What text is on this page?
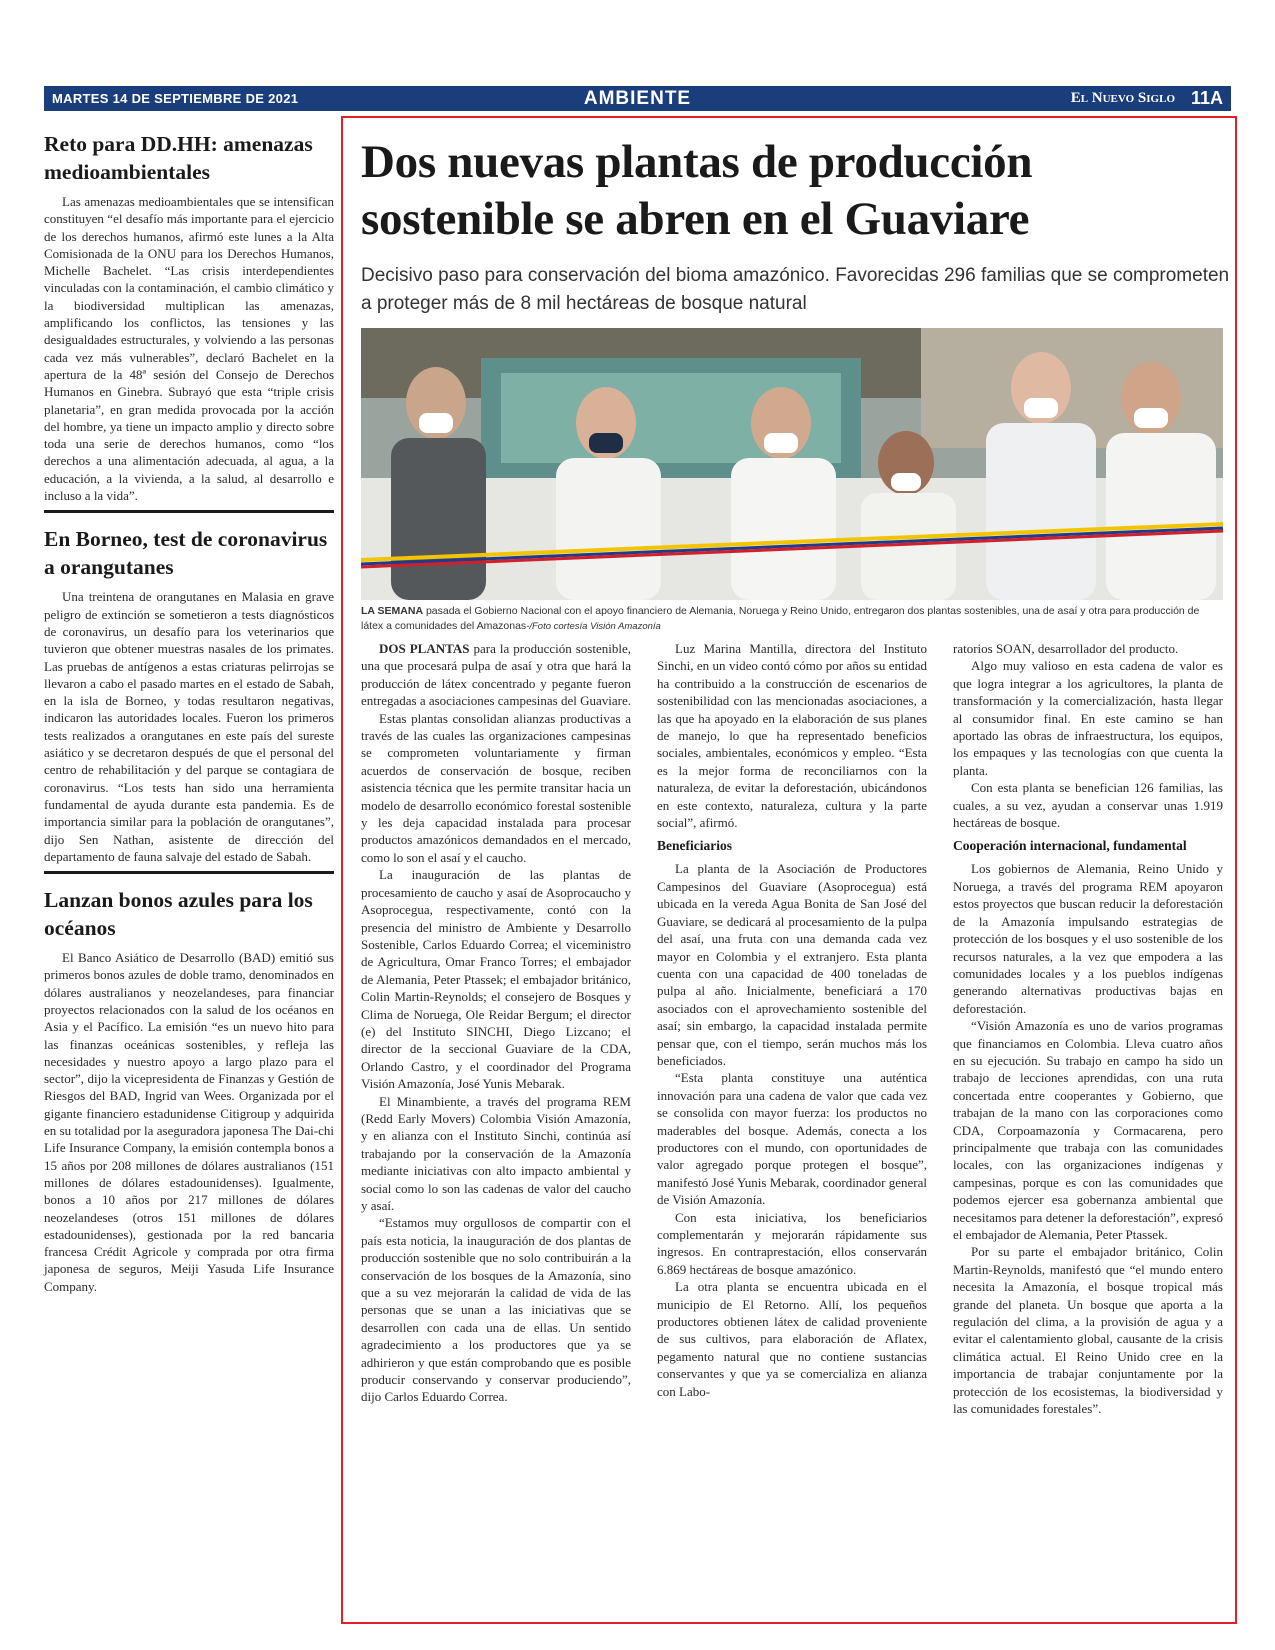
MARTES 14 DE SEPTIEMBRE DE 2021	AMBIENTE	El Nuevo Siglo 11A
Reto para DD.HH: amenazas medioambientales

Las amenazas medioambientales que se intensifican constituyen “el desafío más importante para el ejercicio de los derechos humanos, afirmó este lunes a la Alta Comisionada de la ONU para los Derechos Humanos, Michelle Bachelet. “Las crisis interdependientes vinculadas con la contaminación, el cambio climático y la biodiversidad multiplican las amenazas, amplificando los conflictos, las tensiones y las desigualdades estructurales, y volviendo a las personas cada vez más vulnerables”, declaró Bachelet en la apertura de la 48ª sesión del Consejo de Derechos Humanos en Ginebra. Subrayó que esta “triple crisis planetaria”, en gran medida provocada por la acción del hombre, ya tiene un impacto amplio y directo sobre toda una serie de derechos humanos, como “los derechos a una alimentación adecuada, al agua, a la educación, a la vivienda, a la salud, al desarrollo e incluso a la vida”.

En Borneo, test de coronavirus a orangutanes

Una treintena de orangutanes en Malasia en grave peligro de extinción se sometieron a tests diagnósticos de coronavirus, un desafío para los veterinarios que tuvieron que obtener muestras nasales de los primates. Las pruebas de antígenos a estas criaturas pelirrojas se llevaron a cabo el pasado martes en el estado de Sabah, en la isla de Borneo, y todas resultaron negativas, indicaron las autoridades locales. Fueron los primeros tests realizados a orangutanes en este país del sureste asiático y se decretaron después de que el personal del centro de rehabilitación y del parque se contagiara de coronavirus. “Los tests han sido una herramienta fundamental de ayuda durante esta pandemia. Es de importancia similar para la población de orangutanes”, dijo Sen Nathan, asistente de dirección del departamento de fauna salvaje del estado de Sabah.

Lanzan bonos azules para los océanos

El Banco Asiático de Desarrollo (BAD) emitió sus primeros bonos azules de doble tramo, denominados en dólares australianos y neozelandeses, para financiar proyectos relacionados con la salud de los océanos en Asia y el Pacífico. La emisión “es un nuevo hito para las finanzas oceánicas sostenibles, y refleja las necesidades y nuestro apoyo a largo plazo para el sector”, dijo la vicepresidenta de Finanzas y Gestión de Riesgos del BAD, Ingrid van Wees. Organizada por el gigante financiero estadunidense Citigroup y adquirida en su totalidad por la aseguradora japonesa The Dai-chi Life Insurance Company, la emisión contempla bonos a 15 años por 208 millones de dólares australianos (151 millones de dólares estadounidenses). Igualmente, bonos a 10 años por 217 millones de dólares neozelandeses (otros 151 millones de dólares estadounidenses), gestionada por la red bancaria francesa Crédit Agricole y comprada por otra firma japonesa de seguros, Meiji Yasuda Life Insurance Company.

Dos nuevas plantas de producción sostenible se abren en el Guaviare

Decisivo paso para conservación del bioma amazónico. Favorecidas 296 familias que se comprometen a proteger más de 8 mil hectáreas de bosque natural

LA SEMANA pasada el Gobierno Nacional con el apoyo financiero de Alemania, Noruega y Reino Unido, entregaron dos plantas sostenibles, una de asaí y otra para producción de látex a comunidades del Amazonas-/Foto cortesía Visión Amazonía

DOS PLANTAS para la producción sostenible, una que procesará pulpa de asaí y otra que hará la producción de látex concentrado y pegante fueron entregadas a asociaciones campesinas del Guaviare.

Estas plantas consolidan alianzas productivas a través de las cuales las organizaciones campesinas se comprometen voluntariamente y firman acuerdos de conservación de bosque, reciben asistencia técnica que les permite transitar hacia un modelo de desarrollo económico forestal sostenible y les deja capacidad instalada para procesar productos amazónicos demandados en el mercado, como lo son el asaí y el caucho.

La inauguración de las plantas de procesamiento de caucho y asaí de Asoprocaucho y Asoprocegua, respectivamente, contó con la presencia del ministro de Ambiente y Desarrollo Sostenible, Carlos Eduardo Correa; el viceministro de Agricultura, Omar Franco Torres; el embajador de Alemania, Peter Ptassek; el embajador británico, Colin Martin-Reynolds; el consejero de Bosques y Clima de Noruega, Ole Reidar Bergum; el director (e) del Instituto SINCHI, Diego Lizcano; el director de la seccional Guaviare de la CDA, Orlando Castro, y el coordinador del Programa Visión Amazonía, José Yunis Mebarak.

El Minambiente, a través del programa REM (Redd Early Movers) Colombia Visión Amazonía, y en alianza con el Instituto Sinchi, continúa así trabajando por la conservación de la Amazonía mediante iniciativas con alto impacto ambiental y social como lo son las cadenas de valor del caucho y asaí.

“Estamos muy orgullosos de compartir con el país esta noticia, la inauguración de dos plantas de producción sostenible que no solo contribuirán a la conservación de los bosques de la Amazonía, sino que a su vez mejorarán la calidad de vida de las personas que se unan a las iniciativas que se desarrollen con cada una de ellas. Un sentido agradecimiento a los productores que ya se adhirieron y que están comprobando que es posible producir conservando y conservar produciendo”, dijo Carlos Eduardo Correa.

Luz Marina Mantilla, directora del Instituto Sinchi, en un video contó cómo por años su entidad ha contribuido a la construcción de escenarios de sostenibilidad con las mencionadas asociaciones, a las que ha apoyado en la elaboración de sus planes de manejo, lo que ha representado beneficios sociales, ambientales, económicos y empleo. “Esta es la mejor forma de reconciliarnos con la naturaleza, de evitar la deforestación, ubicándonos en este contexto, naturaleza, cultura y la parte social”, afirmó.

Beneficiarios

La planta de la Asociación de Productores Campesinos del Guaviare (Asoprocegua) está ubicada en la vereda Agua Bonita de San José del Guaviare, se dedicará al procesamiento de la pulpa del asaí, una fruta con una demanda cada vez mayor en Colombia y el extranjero. Esta planta cuenta con una capacidad de 400 toneladas de pulpa al año. Inicialmente, beneficiará a 170 asociados con el aprovechamiento sostenible del asaí; sin embargo, la capacidad instalada permite pensar que, con el tiempo, serán muchos más los beneficiados.

“Esta planta constituye una auténtica innovación para una cadena de valor que cada vez se consolida con mayor fuerza: los productos no maderables del bosque. Además, conecta a los productores con el mundo, con oportunidades de valor agregado porque protegen el bosque”, manifestó José Yunis Mebarak, coordinador general de Visión Amazonía.

Con esta iniciativa, los beneficiarios complementarán y mejorarán rápidamente sus ingresos. En contraprestación, ellos conservarán 6.869 hectáreas de bosque amazónico.

La otra planta se encuentra ubicada en el municipio de El Retorno. Allí, los pequeños productores obtienen látex de calidad proveniente de sus cultivos, para elaboración de Aflatex, pegamento natural que no contiene sustancias conservantes y que ya se comercializa en alianza con Labo-

ratorios SOAN, desarrollador del producto.

Algo muy valioso en esta cadena de valor es que logra integrar a los agricultores, la planta de transformación y la comercialización, hasta llegar al consumidor final. En este camino se han aportado las obras de infraestructura, los equipos, los empaques y las tecnologías con que cuenta la planta.

Con esta planta se benefician 126 familias, las cuales, a su vez, ayudan a conservar unas 1.919 hectáreas de bosque.

Cooperación internacional, fundamental

Los gobiernos de Alemania, Reino Unido y Noruega, a través del programa REM apoyaron estos proyectos que buscan reducir la deforestación de la Amazonía impulsando estrategias de protección de los bosques y el uso sostenible de los recursos naturales, a la vez que empodera a las comunidades locales y a los pueblos indígenas generando alternativas productivas bajas en deforestación.

“Visión Amazonía es uno de varios programas que financiamos en Colombia. Lleva cuatro años en su ejecución. Su trabajo en campo ha sido un trabajo de lecciones aprendidas, con una ruta concertada entre cooperantes y Gobierno, que trabajan de la mano con las corporaciones como CDA, Corpoamazonía y Cormacarena, pero principalmente que trabaja con las comunidades locales, con las organizaciones indígenas y campesinas, porque es con las comunidades que podemos ejercer esa gobernanza ambiental que necesitamos para detener la deforestación”, expresó el embajador de Alemania, Peter Ptassek.

Por su parte el embajador británico, Colin Martin-Reynolds, manifestó que “el mundo entero necesita la Amazonía, el bosque tropical más grande del planeta. Un bosque que aporta a la regulación del clima, a la provisión de agua y a evitar el calentamiento global, causante de la crisis climática actual. El Reino Unido cree en la importancia de trabajar conjuntamente por la protección de los ecosistemas, la biodiversidad y las comunidades forestales”.
